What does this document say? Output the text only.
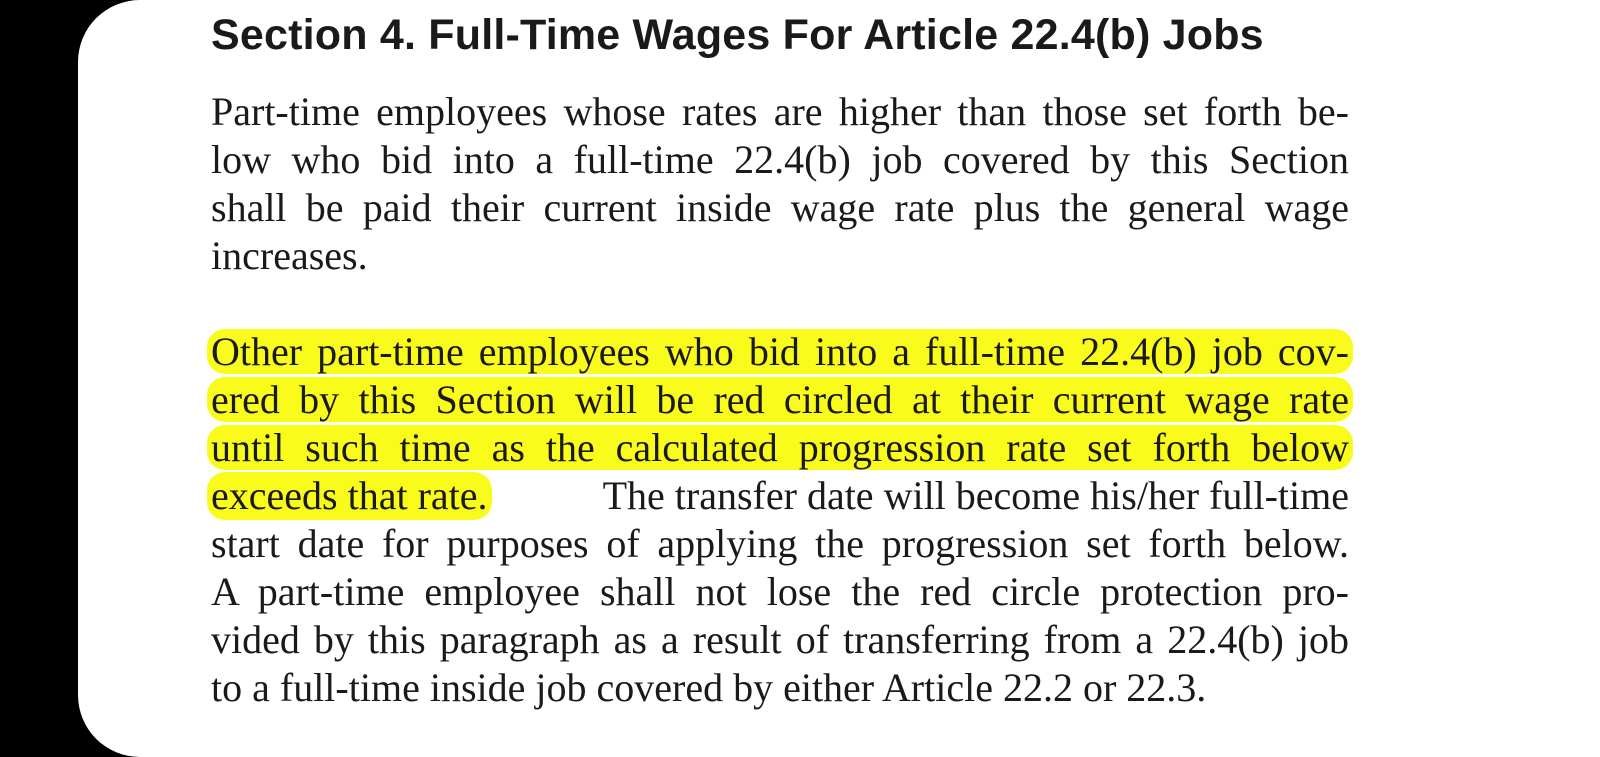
Section 4. Full-Time Wages For Article 22.4(b) Jobs
Part-time employees whose rates are higher than those set forth be-
low who bid into a full-time 22.4(b) job covered by this Section
shall be paid their current inside wage rate plus the general wage
increases.
Other part-time employees who bid into a full-time 22.4(b) job cov-
ered by this Section will be red circled at their current wage rate
until such time as the calculated progression rate set forth below
exceeds that rate.	The transfer date will become his/her full-time
start date for purposes of applying the progression set forth below.
A part-time employee shall not lose the red circle protection pro-
vided by this paragraph as a result of transferring from a 22.4(b) job
to a full-time inside job covered by either Article 22.2 or 22.3.
